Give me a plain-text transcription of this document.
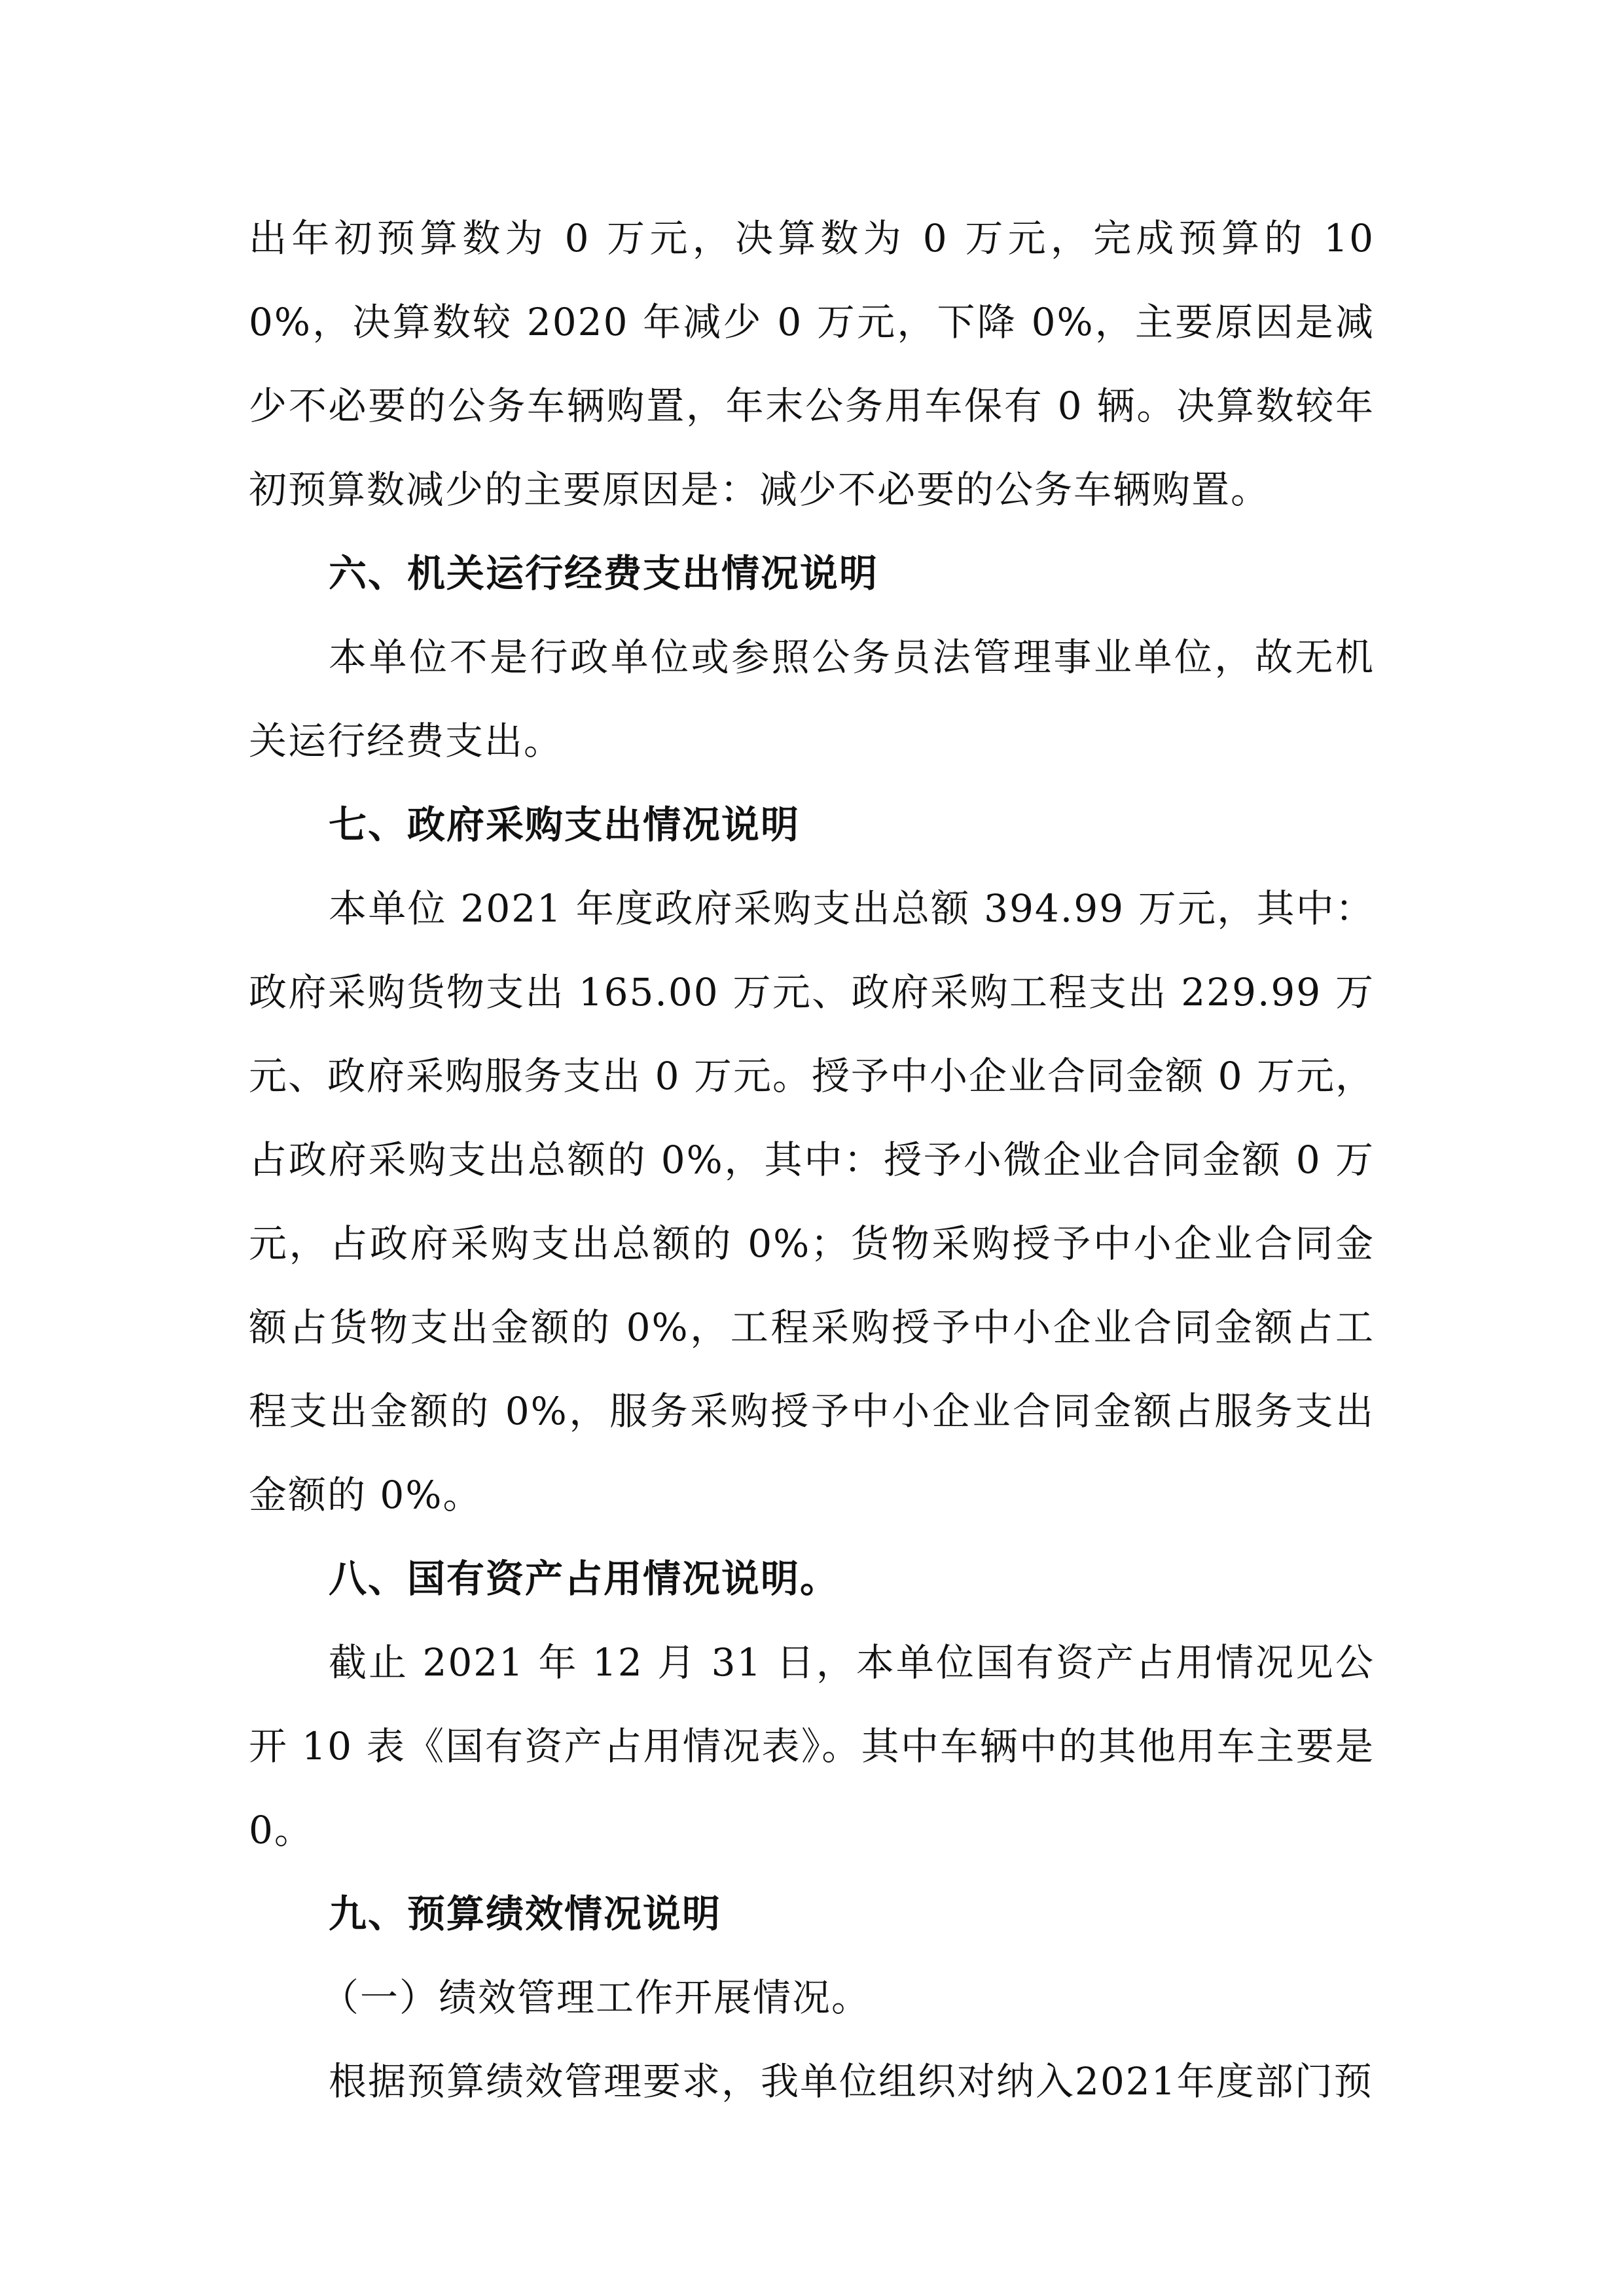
出年初预算数为 0 万元，决算数为 0 万元，完成预算的 100%，决算数较 2020 年减少 0 万元，下降 0%，主要原因是减少不必要的公务车辆购置，年末公务用车保有 0 辆。决算数较年初预算数减少的主要原因是：减少不必要的公务车辆购置。

六、机关运行经费支出情况说明

本单位不是行政单位或参照公务员法管理事业单位，故无机关运行经费支出。

七、政府采购支出情况说明

本单位 2021 年度政府采购支出总额 394.99 万元，其中：政府采购货物支出 165.00 万元、政府采购工程支出 229.99 万元、政府采购服务支出 0 万元。授予中小企业合同金额 0 万元，占政府采购支出总额的 0%，其中：授予小微企业合同金额 0 万元，占政府采购支出总额的 0%；货物采购授予中小企业合同金额占货物支出金额的 0%，工程采购授予中小企业合同金额占工程支出金额的 0%，服务采购授予中小企业合同金额占服务支出金额的 0%。

八、国有资产占用情况说明。

截止 2021 年 12 月 31 日，本单位国有资产占用情况见公开 10 表《国有资产占用情况表》。其中车辆中的其他用车主要是 0。

九、预算绩效情况说明

（一）绩效管理工作开展情况。

根据预算绩效管理要求，我单位组织对纳入2021年度部门预
